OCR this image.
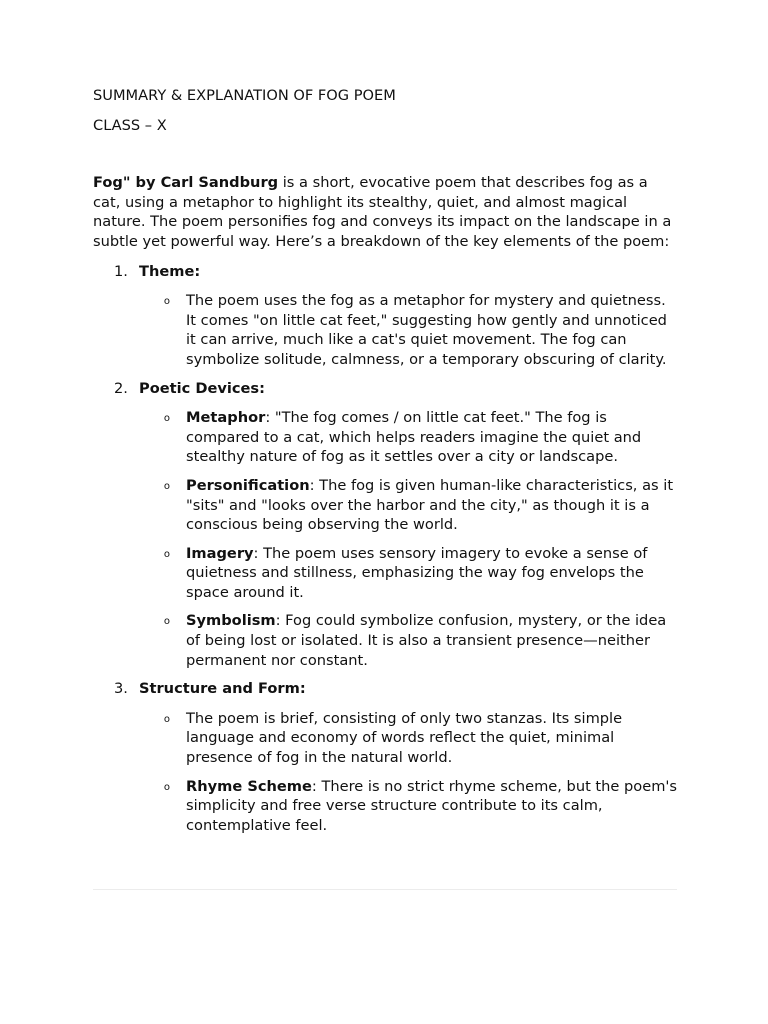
SUMMARY & EXPLANATION OF FOG POEM

CLASS – X

Fog" by Carl Sandburg is a short, evocative poem that describes fog as a cat, using a metaphor to highlight its stealthy, quiet, and almost magical nature. The poem personifies fog and conveys its impact on the landscape in a subtle yet powerful way. Here’s a breakdown of the key elements of the poem:

1. Theme:
o	The poem uses the fog as a metaphor for mystery and quietness. It comes "on little cat feet," suggesting how gently and unnoticed it can arrive, much like a cat's quiet movement. The fog can symbolize solitude, calmness, or a temporary obscuring of clarity.
2. Poetic Devices:
o	Metaphor: "The fog comes / on little cat feet." The fog is compared to a cat, which helps readers imagine the quiet and stealthy nature of fog as it settles over a city or landscape.
o	Personification: The fog is given human-like characteristics, as it "sits" and "looks over the harbor and the city," as though it is a conscious being observing the world.
o	Imagery: The poem uses sensory imagery to evoke a sense of quietness and stillness, emphasizing the way fog envelops the space around it.
o	Symbolism: Fog could symbolize confusion, mystery, or the idea of being lost or isolated. It is also a transient presence—neither permanent nor constant.
3. Structure and Form:
o	The poem is brief, consisting of only two stanzas. Its simple language and economy of words reflect the quiet, minimal presence of fog in the natural world.
o	Rhyme Scheme: There is no strict rhyme scheme, but the poem's simplicity and free verse structure contribute to its calm, contemplative feel.
